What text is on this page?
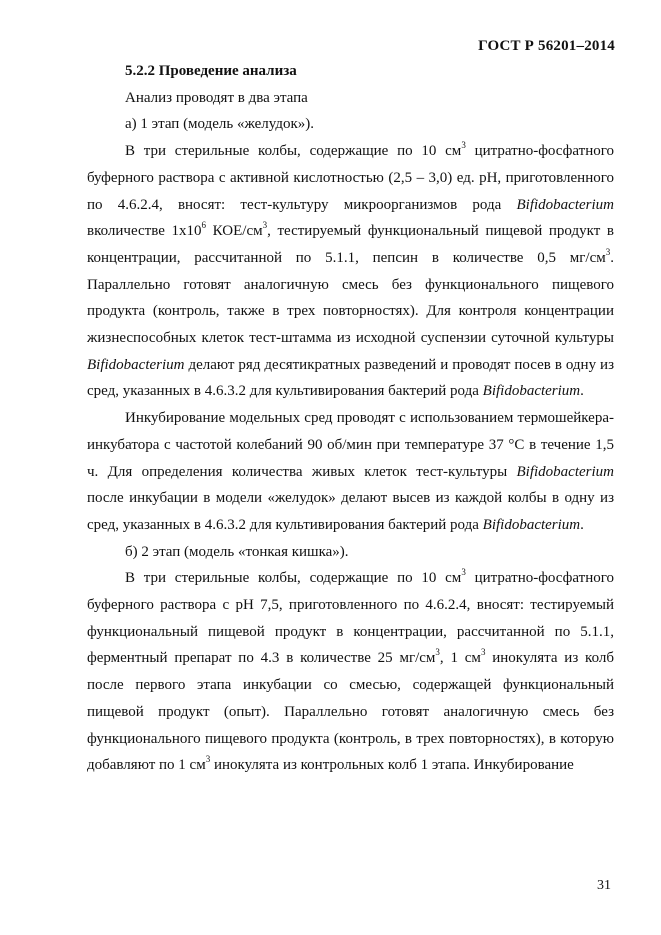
ГОСТ Р 56201–2014

5.2.2 Проведение анализа

Анализ проводят в два этапа

а) 1 этап (модель «желудок»).

В три стерильные колбы, содержащие по 10 $см^3$ цитратно-фосфатного буферного раствора с активной кислотностью (2,5 – 3,0) ед. pH, приготовленного по 4.6.2.4, вносят: тест-культуру микроорганизмов рода Bifidobacterium вколичестве $1х10^6$ КОЕ/$см^3$, тестируемый функциональный пищевой продукт в концентрации, рассчитанной по 5.1.1, пепсин в количестве 0,5 $мг/см^3$. Параллельно готовят аналогичную смесь без функционального пищевого продукта (контроль, также в трех повторностях). Для контроля концентрации жизнеспособных клеток тест-штамма из исходной суспензии суточной культуры Bifidobacterium делают ряд десятикратных разведений и проводят посев в одну из сред, указанных в 4.6.3.2 для культивирования бактерий рода Bifidobacterium.

Инкубирование модельных сред проводят с использованием термошейкера-инкубатора с частотой колебаний 90 об/мин при температуре 37 °С в течение 1,5 ч. Для определения количества живых клеток тест-культуры Bifidobacterium после инкубации в модели «желудок» делают высев из каждой колбы в одну из сред, указанных в 4.6.3.2 для культивирования бактерий рода Bifidobacterium.

б) 2 этап (модель «тонкая кишка»).

В три стерильные колбы, содержащие по 10 $см^3$ цитратно-фосфатного буферного раствора с pH 7,5, приготовленного по 4.6.2.4, вносят: тестируемый функциональный пищевой продукт в концентрации, рассчитанной по 5.1.1, ферментный препарат по 4.3 в количестве 25 $мг/см^3$, 1 $см^3$ инокулята из колб после первого этапа инкубации со смесью, содержащей функциональный пищевой продукт (опыт). Параллельно готовят аналогичную смесь без функционального пищевого продукта (контроль, в трех повторностях), в которую добавляют по 1 $см^3$ инокулята из контрольных колб 1 этапа. Инкубирование

31
